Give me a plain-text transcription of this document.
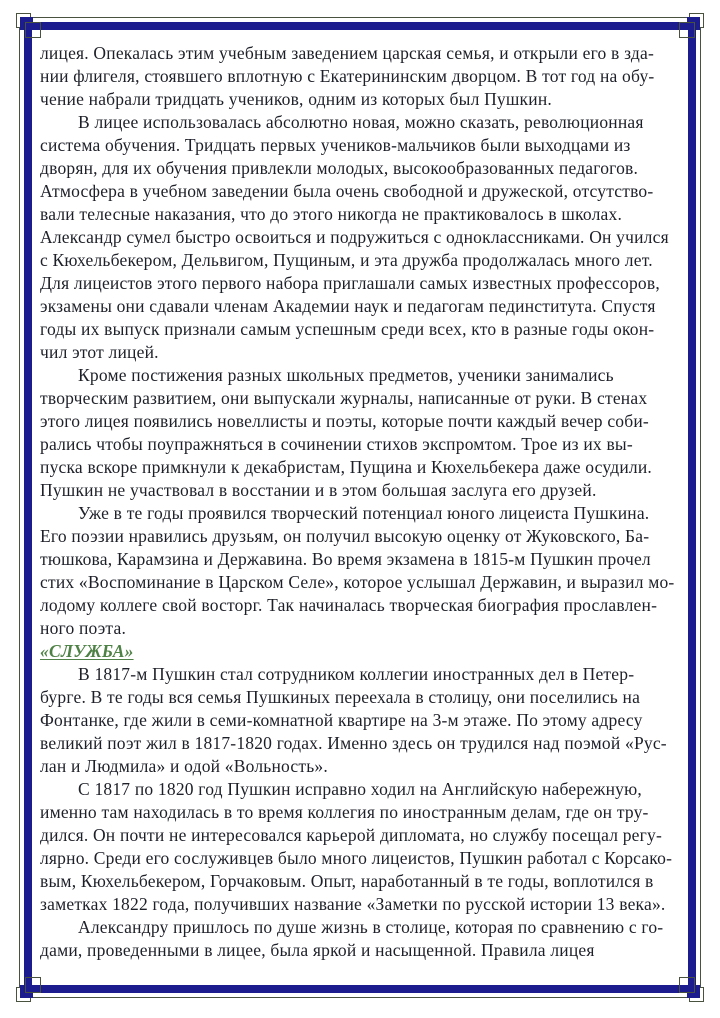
лицея. Опекалась этим учебным заведением царская семья, и открыли его в зда-
нии флигеля, стоявшего вплотную с Екатерининским дворцом. В тот год на обу-
чение набрали тридцать учеников, одним из которых был Пушкин.
В лицее использовалась абсолютно новая, можно сказать, революционная
система обучения. Тридцать первых учеников-мальчиков были выходцами из
дворян, для их обучения привлекли молодых, высокообразованных педагогов.
Атмосфера в учебном заведении была очень свободной и дружеской, отсутство-
вали телесные наказания, что до этого никогда не практиковалось в школах.
Александр сумел быстро освоиться и подружиться с одноклассниками. Он учился
с Кюхельбекером, Дельвигом, Пущиным, и эта дружба продолжалась много лет.
Для лицеистов этого первого набора приглашали самых известных профессоров,
экзамены они сдавали членам Академии наук и педагогам пединститута. Спустя
годы их выпуск признали самым успешным среди всех, кто в разные годы окон-
чил этот лицей.
Кроме постижения разных школьных предметов, ученики занимались
творческим развитием, они выпускали журналы, написанные от руки. В стенах
этого лицея появились новеллисты и поэты, которые почти каждый вечер соби-
рались чтобы поупражняться в сочинении стихов экспромтом. Трое из их вы-
пуска вскоре примкнули к декабристам, Пущина и Кюхельбекера даже осудили.
Пушкин не участвовал в восстании и в этом большая заслуга его друзей.
Уже в те годы проявился творческий потенциал юного лицеиста Пушкина.
Его поэзии нравились друзьям, он получил высокую оценку от Жуковского, Ба-
тюшкова, Карамзина и Державина. Во время экзамена в 1815-м Пушкин прочел
стих «Воспоминание в Царском Селе», которое услышал Державин, и выразил мо-
лодому коллеге свой восторг. Так начиналась творческая биография прославлен-
ного поэта.
«СЛУЖБА»
В 1817-м Пушкин стал сотрудником коллегии иностранных дел в Петер-
бурге. В те годы вся семья Пушкиных переехала в столицу, они поселились на
Фонтанке, где жили в семи-комнатной квартире на 3-м этаже. По этому адресу
великий поэт жил в 1817-1820 годах. Именно здесь он трудился над поэмой «Рус-
лан и Людмила» и одой «Вольность».
С 1817 по 1820 год Пушкин исправно ходил на Английскую набережную,
именно там находилась в то время коллегия по иностранным делам, где он тру-
дился. Он почти не интересовался карьерой дипломата, но службу посещал регу-
лярно. Среди его сослуживцев было много лицеистов, Пушкин работал с Корсако-
вым, Кюхельбекером, Горчаковым. Опыт, наработанный в те годы, воплотился в
заметках 1822 года, получивших название «Заметки по русской истории 13 века».
Александру пришлось по душе жизнь в столице, которая по сравнению с го-
дами, проведенными в лицее, была яркой и насыщенной. Правила лицея
